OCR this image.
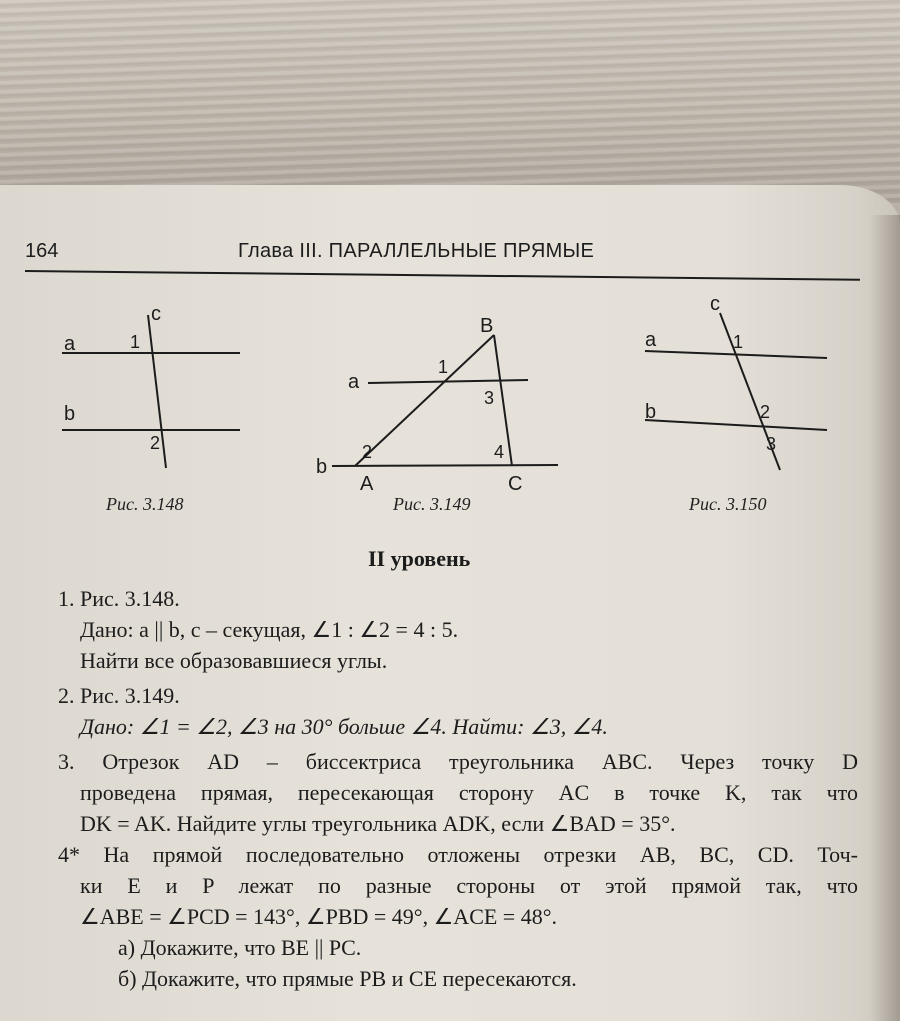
164	Глава III. ПАРАЛЛЕЛЬНЫЕ ПРЯМЫЕ
c
a
b
1
2
B
a
b
A	C
1
2
3
4
c
a
b
1
2
3
Рис. 3.148	Рис. 3.149	Рис. 3.150
II уровень
1. Рис. 3.148.
Дано: a || b, c – секущая, ∠1 : ∠2 = 4 : 5.
Найти все образовавшиеся углы.
2. Рис. 3.149.
Дано: ∠1 = ∠2, ∠3 на 30° больше ∠4. Найти: ∠3, ∠4.
3. Отрезок AD – биссектриса треугольника ABC. Через точку D
проведена прямая, пересекающая сторону AC в точке K, так что
DK = AK. Найдите углы треугольника ADK, если ∠BAD = 35°.
4* На прямой последовательно отложены отрезки AB, BC, CD. Точ-
ки E и P лежат по разные стороны от этой прямой так, что
∠ABE = ∠PCD = 143°, ∠PBD = 49°, ∠ACE = 48°.
а) Докажите, что BE || PC.
б) Докажите, что прямые PB и CE пересекаются.
